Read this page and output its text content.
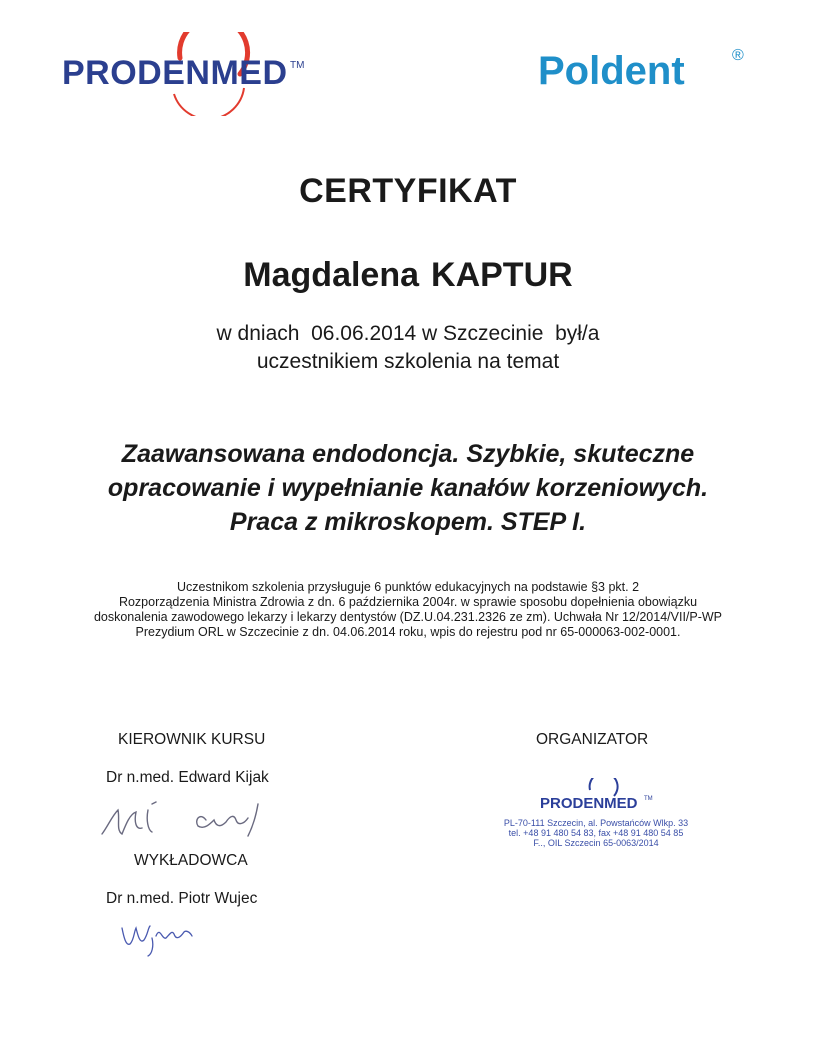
PRODENMED TM	Poldent	®
CERTYFIKAT
Magdalena KAPTUR
w dniach  06.06.2014 w Szczecinie  był/a
uczestnikiem szkolenia na temat
Zaawansowana endodoncja. Szybkie, skuteczne
opracowanie i wypełnianie kanałów korzeniowych.
Praca z mikroskopem. STEP I.
Uczestnikom szkolenia przysługuje 6 punktów edukacyjnych na podstawie §3 pkt. 2
Rozporządzenia Ministra Zdrowia z dn. 6 października 2004r. w sprawie sposobu dopełnienia obowiązku
doskonalenia zawodowego lekarzy i lekarzy dentystów (DZ.U.04.231.2326 ze zm). Uchwała Nr 12/2014/VII/P-WP
Prezydium ORL w Szczecinie z dn. 04.06.2014 roku, wpis do rejestru pod nr 65-000063-002-0001.
KIEROWNIK KURSU
Dr n.med. Edward Kijak
WYKŁADOWCA
Dr n.med. Piotr Wujec
ORGANIZATOR
PRODENMED TM
PL-70-111 Szczecin, al. Powstańców Wlkp. 33
tel. +48 91 480 54 83, fax +48 91 480 54 85
F.., OIL Szczecin 65-0063/2014
